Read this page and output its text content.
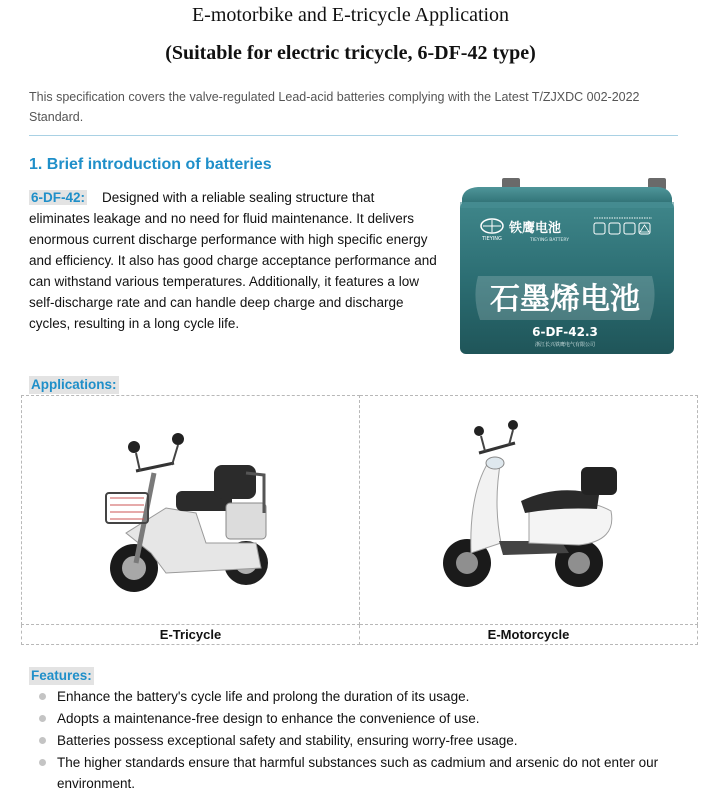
E-motorbike and E-tricycle Application
(Suitable for electric tricycle, 6-DF-42 type)
This specification covers the valve-regulated Lead-acid batteries complying with the Latest T/ZJXDC 002-2022 Standard.
1. Brief introduction of batteries
6-DF-42: Designed with a reliable sealing structure that eliminates leakage and no need for fluid maintenance. It delivers enormous current discharge performance with high specific energy and efficiency. It also has good charge acceptance performance and can withstand various temperatures. Additionally, it features a low self-discharge rate and can handle deep charge and discharge cycles, resulting in a long cycle life.
TIEYING
铁鹰电池
TIEYING BATTERY
石墨烯电池
6-DF-42.3
浙江长兴铁鹰电气有限公司
Applications:

E-Tricycle	E-Motorcycle
Features:
Enhance the battery's cycle life and prolong the duration of its usage.
Adopts a maintenance-free design to enhance the convenience of use.
Batteries possess exceptional safety and stability, ensuring worry-free usage.
The higher standards ensure that harmful substances such as cadmium and arsenic do not enter our environment.
